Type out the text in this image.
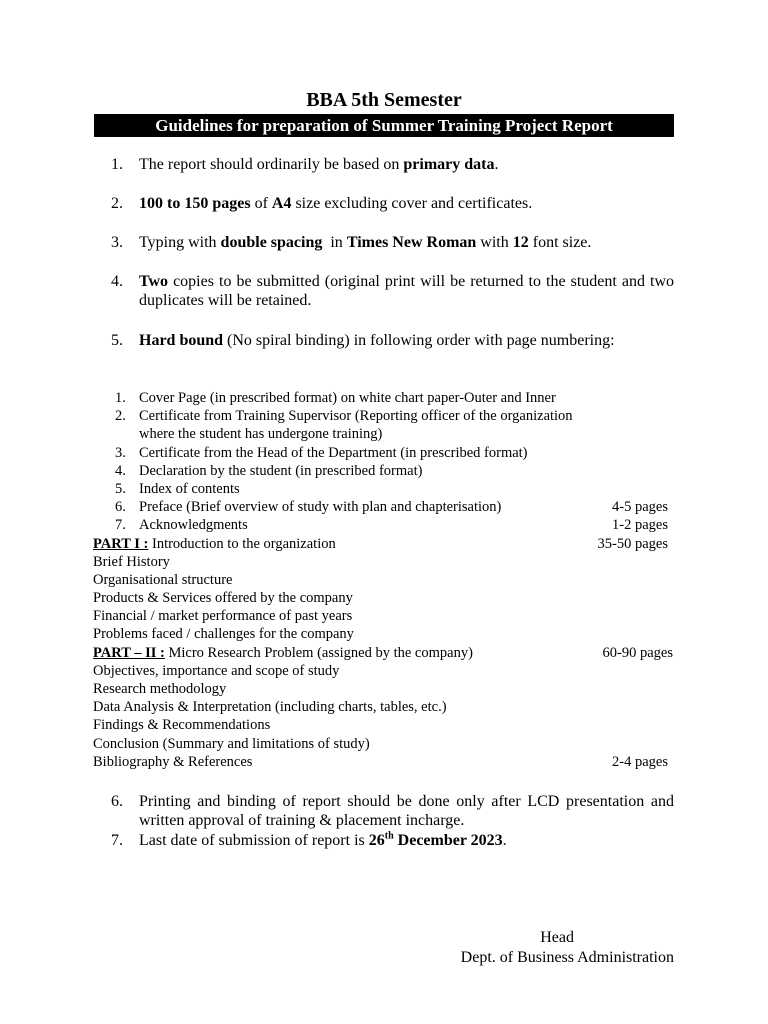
BBA 5th Semester
Guidelines for preparation of Summer Training Project Report
1.	The report should ordinarily be based on primary data.
2.	100 to 150 pages of A4 size excluding cover and certificates.
3.	Typing with double spacing  in Times New Roman with 12 font size.
4.	Two copies to be submitted (original print will be returned to the student and two duplicates will be retained.
5.	Hard bound (No spiral binding) in following order with page numbering:
1. Cover Page (in prescribed format) on white chart paper-Outer and Inner
2. Certificate from Training Supervisor (Reporting officer of the organization
where the student has undergone training)
3. Certificate from the Head of the Department (in prescribed format)
4. Declaration by the student (in prescribed format)
5. Index of contents
6. Preface (Brief overview of study with plan and chapterisation)	4-5 pages
7. Acknowledgments	1-2 pages
PART I : Introduction to the organization	35-50 pages
Brief History
Organisational structure
Products & Services offered by the company
Financial / market performance of past years
Problems faced / challenges for the company
PART – II : Micro Research Problem (assigned by the company)	60-90 pages
Objectives, importance and scope of study
Research methodology
Data Analysis & Interpretation (including charts, tables, etc.)
Findings & Recommendations
Conclusion (Summary and limitations of study)
Bibliography & References	2-4 pages
6.	Printing and binding of report should be done only after LCD presentation and written approval of training & placement incharge.
7.	Last date of submission of report is 26th December 2023.
Head
Dept. of Business Administration
